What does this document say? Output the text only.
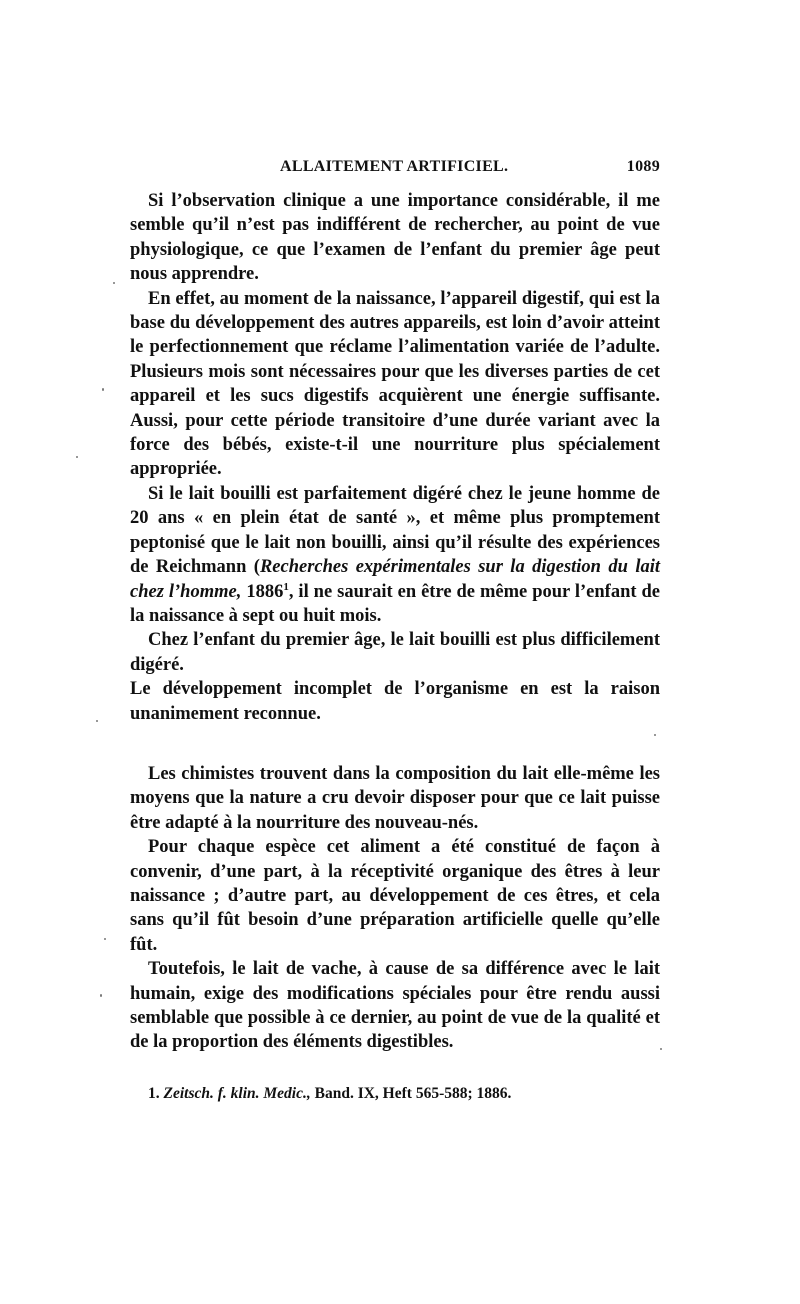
ALLAITEMENT ARTIFICIEL.	1089

Si l’observation clinique a une importance considérable, il me semble qu’il n’est pas indifférent de rechercher, au point de vue physiologique, ce que l’examen de l’enfant du premier âge peut nous apprendre.

En effet, au moment de la naissance, l’appareil digestif, qui est la base du développement des autres appareils, est loin d’avoir atteint le perfectionnement que réclame l’alimentation variée de l’adulte. Plusieurs mois sont nécessaires pour que les diverses parties de cet appareil et les sucs digestifs acquièrent une énergie suffisante. Aussi, pour cette période transitoire d’une durée variant avec la force des bébés, existe-t-il une nourriture plus spécialement appropriée.

Si le lait bouilli est parfaitement digéré chez le jeune homme de 20 ans « en plein état de santé », et même plus promptement peptonisé que le lait non bouilli, ainsi qu’il résulte des expériences de Reichmann (Recherches expérimentales sur la digestion du lait chez l’homme, 1886$^1$, il ne saurait en être de même pour l’enfant de la naissance à sept ou huit mois.

Chez l’enfant du premier âge, le lait bouilli est plus difficilement digéré.

Le développement incomplet de l’organisme en est la raison unanimement reconnue.

Les chimistes trouvent dans la composition du lait elle-même les moyens que la nature a cru devoir disposer pour que ce lait puisse être adapté à la nourriture des nouveau-nés.

Pour chaque espèce cet aliment a été constitué de façon à convenir, d’une part, à la réceptivité organique des êtres à leur naissance ; d’autre part, au développement de ces êtres, et cela sans qu’il fût besoin d’une préparation artificielle quelle qu’elle fût.

Toutefois, le lait de vache, à cause de sa différence avec le lait humain, exige des modifications spéciales pour être rendu aussi semblable que possible à ce dernier, au point de vue de la qualité et de la proportion des éléments digestibles.

1. Zeitsch. f. klin. Medic., Band. IX, Heft 565-588; 1886.
